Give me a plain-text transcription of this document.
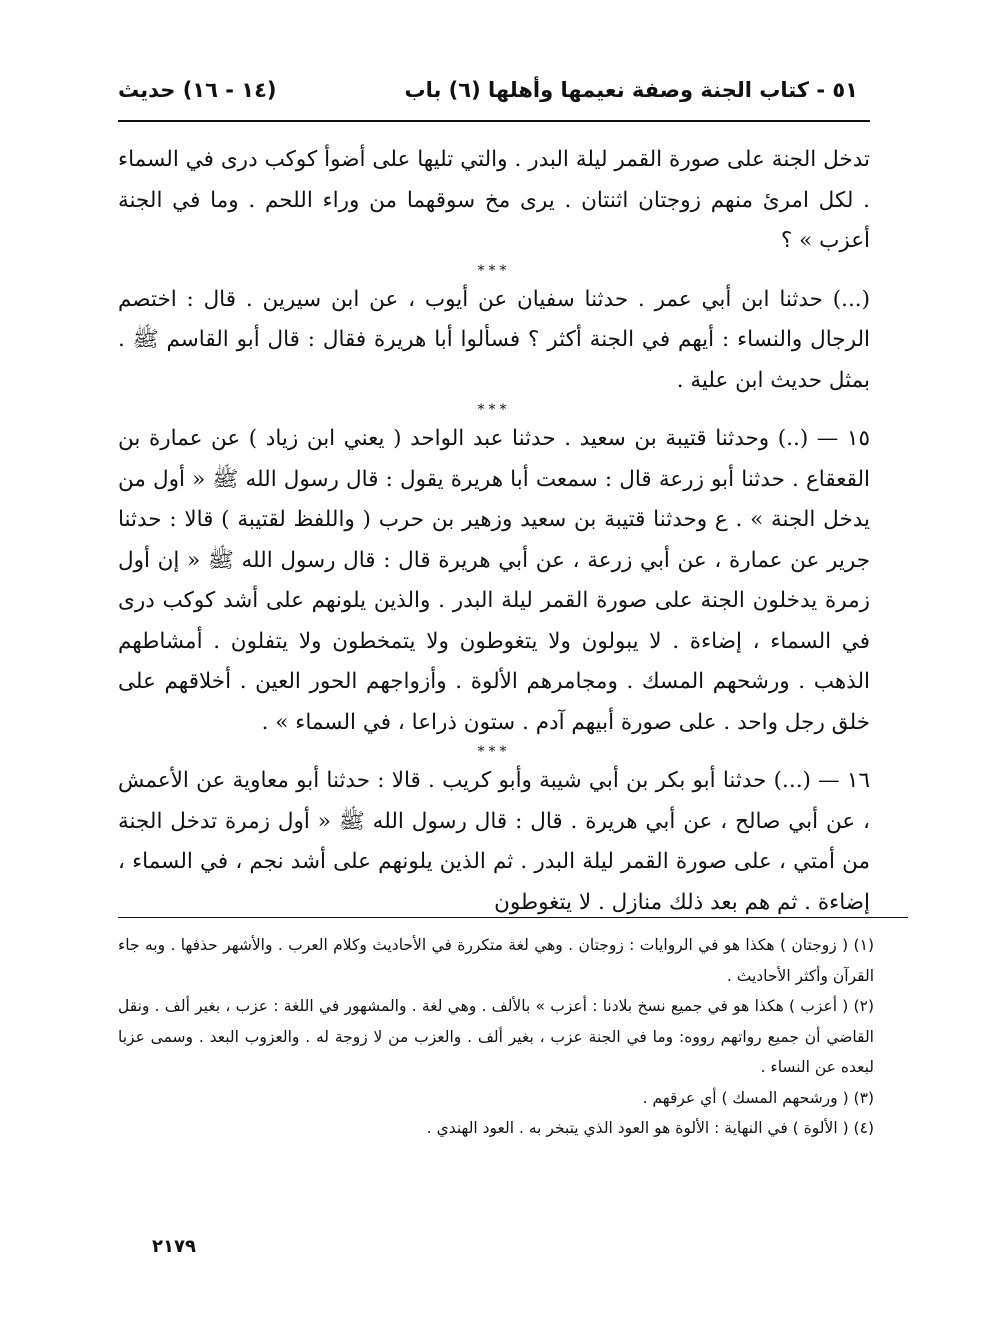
٥١ - كتاب الجنة وصفة نعيمها وأهلها (٦) باب
(١٤ - ١٦) حديث

تدخل الجنة على صورة القمر ليلة البدر . والتي تليها على أضوأ كوكب درى في السماء . لكل امرئ منهم زوجتان اثنتان . يرى مخ سوقهما من وراء اللحم . وما في الجنة أعزب » ؟

***

(...) حدثنا ابن أبي عمر . حدثنا سفيان عن أيوب ، عن ابن سيرين . قال : اختصم الرجال والنساء : أيهم في الجنة أكثر ؟ فسألوا أبا هريرة فقال : قال أبو القاسم ﷺ . بمثل حديث ابن علية .

***

١٥ — (..) وحدثنا قتيبة بن سعيد . حدثنا عبد الواحد ( يعني ابن زياد ) عن عمارة بن القعقاع . حدثنا أبو زرعة قال : سمعت أبا هريرة يقول : قال رسول الله ﷺ « أول من يدخل الجنة » . ع وحدثنا قتيبة بن سعيد وزهير بن حرب ( واللفظ لقتيبة ) قالا : حدثنا جرير عن عمارة ، عن أبي زرعة ، عن أبي هريرة قال : قال رسول الله ﷺ « إن أول زمرة يدخلون الجنة على صورة القمر ليلة البدر . والذين يلونهم على أشد كوكب درى في السماء ، إضاءة . لا يبولون ولا يتغوطون ولا يتمخطون ولا يتفلون . أمشاطهم الذهب . ورشحهم المسك . ومجامرهم الألوة . وأزواجهم الحور العين . أخلاقهم على خلق رجل واحد . على صورة أبيهم آدم . ستون ذراعا ، في السماء » .

***

١٦ — (...) حدثنا أبو بكر بن أبي شيبة وأبو كريب . قالا : حدثنا أبو معاوية عن الأعمش ، عن أبي صالح ، عن أبي هريرة . قال : قال رسول الله ﷺ « أول زمرة تدخل الجنة من أمتي ، على صورة القمر ليلة البدر . ثم الذين يلونهم على أشد نجم ، في السماء ، إضاءة . ثم هم بعد ذلك منازل . لا يتغوطون

(١) ( زوجتان ) هكذا هو في الروايات : زوجتان . وهي لغة متكررة في الأحاديث وكلام العرب . والأشهر حذفها . وبه جاء القرآن وأكثر الأحاديث .

(٢) ( أعزب ) هكذا هو في جميع نسخ بلادنا : أعزب » بالألف . وهي لغة . والمشهور في اللغة : عزب ، بغير ألف . ونقل القاضي أن جميع رواتهم رووه: وما في الجنة عزب ، بغير ألف . والعزب من لا زوجة له . والعزوب البعد . وسمى عزبا لبعده عن النساء .

(٣) ( ورشحهم المسك ) أي عرقهم .

(٤) ( الألوة ) في النهاية : الألوة هو العود الذي يتبخر به . العود الهندي .

٢١٧٩
